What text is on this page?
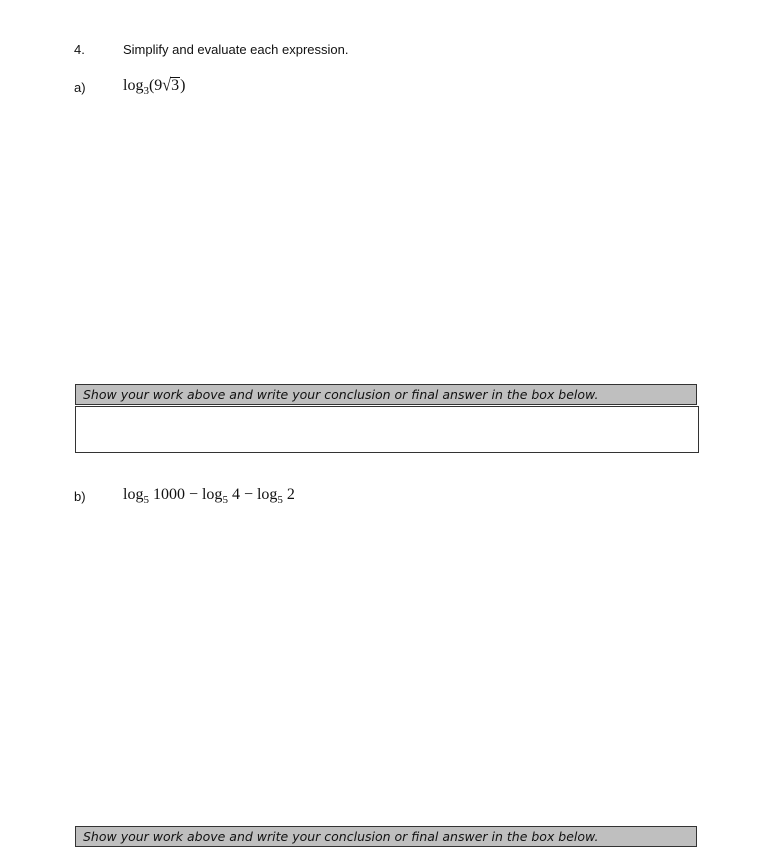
4.	Simplify and evaluate each expression.
a) $\log_3(9√3)$
Show your work above and write your conclusion or final answer in the box below.
b) $\log_5 1000 - \log_5 4 - \log_5 2$
Show your work above and write your conclusion or final answer in the box below.
